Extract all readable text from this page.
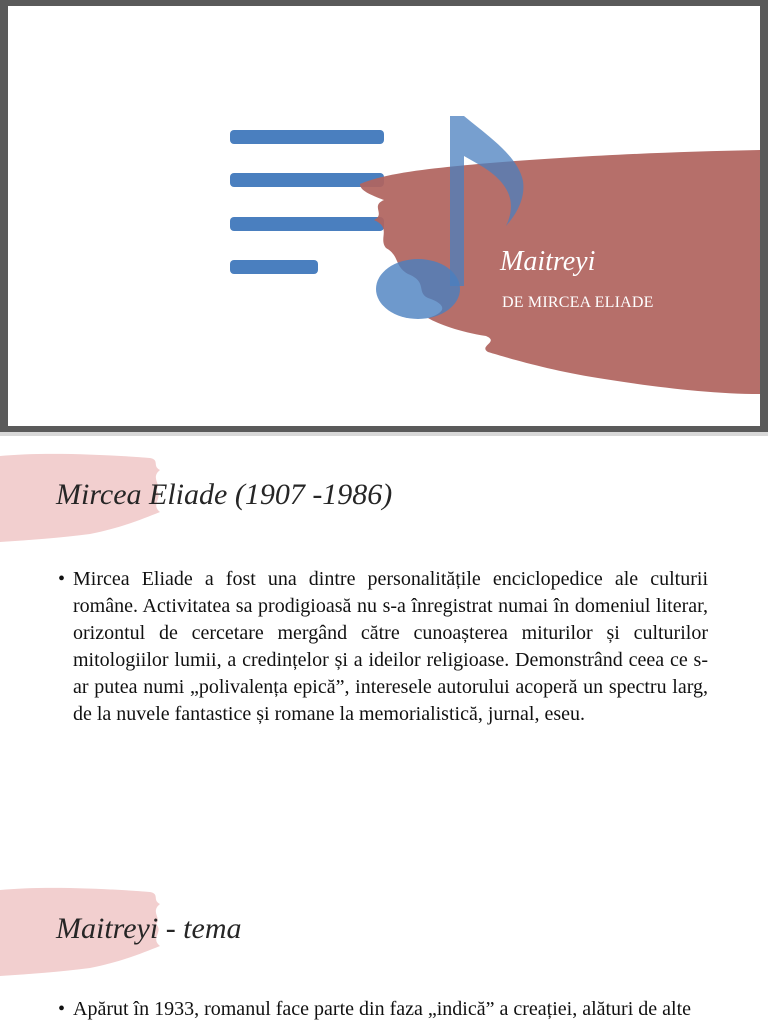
Maitreyi

DE MIRCEA ELIADE

Mircea Eliade (1907 -1986)
• Mircea Eliade a fost una dintre personalitățile enciclopedice ale culturii române. Activitatea sa prodigioasă nu s-a înregistrat numai în domeniul literar, orizontul de cercetare mergând către cunoașterea miturilor și culturilor mitologiilor lumii, a credințelor și a ideilor religioase. Demonstrând ceea ce s-ar putea numi „polivalența epică”, interesele autorului acoperă un spectru larg, de la nuvele fantastice și romane la memorialistică, jurnal, eseu.
Maitreyi - tema
• Apărut în 1933, romanul face parte din faza „indică” a creației, alături de alte
